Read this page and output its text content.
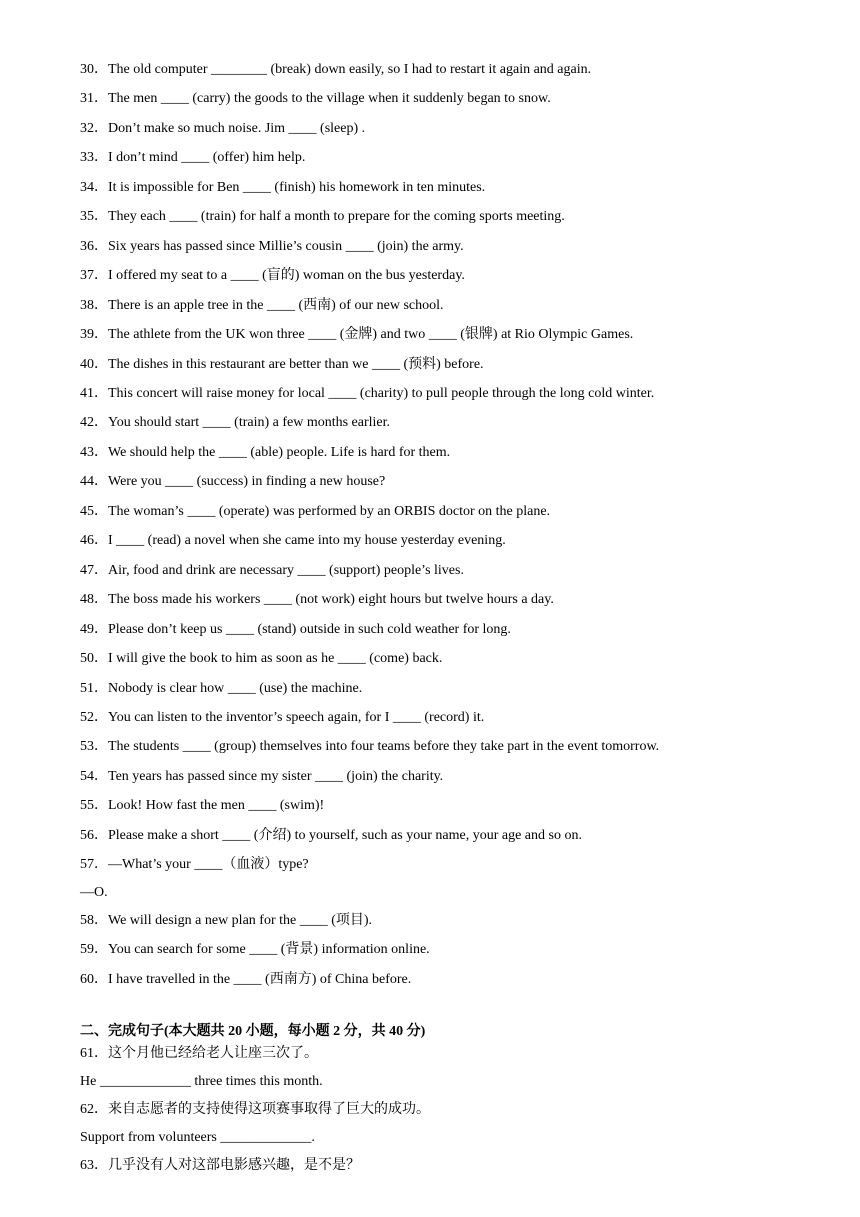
30．The old computer ________ (break) down easily, so I had to restart it again and again.
31．The men ____ (carry) the goods to the village when it suddenly began to snow.
32．Don’t make so much noise. Jim ____ (sleep) .
33．I don’t mind ____ (offer) him help.
34．It is impossible for Ben ____ (finish) his homework in ten minutes.
35．They each ____ (train) for half a month to prepare for the coming sports meeting.
36．Six years has passed since Millie’s cousin ____ (join) the army.
37．I offered my seat to a ____ (盲的) woman on the bus yesterday.
38．There is an apple tree in the ____ (西南) of our new school.
39．The athlete from the UK won three ____ (金牌) and two ____ (银牌) at Rio Olympic Games.
40．The dishes in this restaurant are better than we ____ (预料) before.
41．This concert will raise money for local ____ (charity) to pull people through the long cold winter.
42．You should start ____ (train) a few months earlier.
43．We should help the ____ (able) people. Life is hard for them.
44．Were you ____ (success) in finding a new house?
45．The woman’s ____ (operate) was performed by an ORBIS doctor on the plane.
46．I ____ (read) a novel when she came into my house yesterday evening.
47．Air, food and drink are necessary ____ (support) people’s lives.
48．The boss made his workers ____ (not work) eight hours but twelve hours a day.
49．Please don’t keep us ____ (stand) outside in such cold weather for long.
50．I will give the book to him as soon as he ____ (come) back.
51．Nobody is clear how ____ (use) the machine.
52．You can listen to the inventor’s speech again, for I ____ (record) it.
53．The students ____ (group) themselves into four teams before they take part in the event tomorrow.
54．Ten years has passed since my sister ____ (join) the charity.
55．Look! How fast the men ____ (swim)!
56．Please make a short ____ (介绍) to yourself, such as your name, your age and so on.
57．—What’s your ____（血液）type?
—O.
58．We will design a new plan for the ____ (项目).
59．You can search for some ____ (背景) information online.
60．I have travelled in the ____ (西南方) of China before.
二、完成句子(本大题共 20 小题，每小题 2 分，共 40 分)
61．这个月他已经给老人让座三次了。
He _____________ three times this month.
62．来自志愿者的支持使得这项赛事取得了巨大的成功。
Support from volunteers _____________.
63．几乎没有人对这部电影感兴趣，是不是？
